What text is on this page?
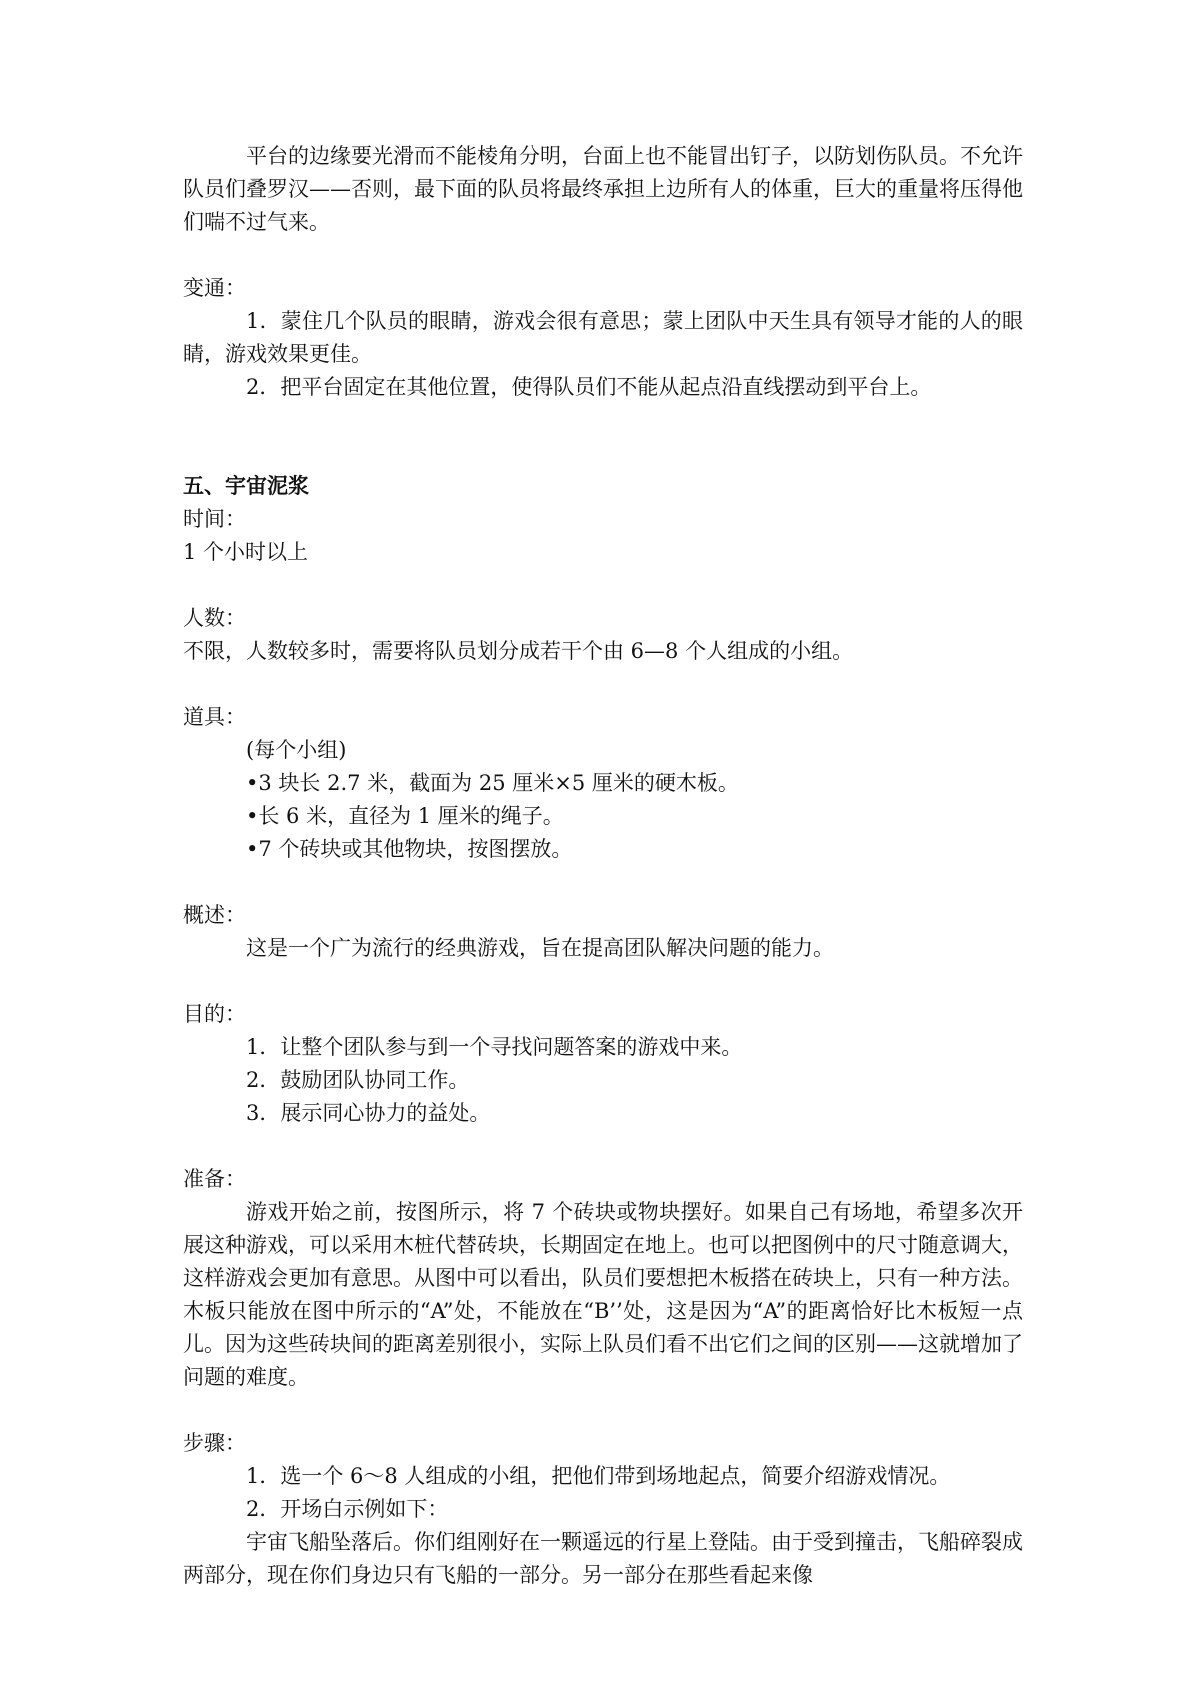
平台的边缘要光滑而不能棱角分明，台面上也不能冒出钉子，以防划伤队员。不允许队员们叠罗汉——否则，最下面的队员将最终承担上边所有人的体重，巨大的重量将压得他们喘不过气来。

变通：

1．蒙住几个队员的眼睛，游戏会很有意思；蒙上团队中天生具有领导才能的人的眼睛，游戏效果更佳。

2．把平台固定在其他位置，使得队员们不能从起点沿直线摆动到平台上。

五、宇宙泥浆

时间：

1 个小时以上

人数：

不限，人数较多时，需要将队员划分成若干个由 6—8 个人组成的小组。

道具：

(每个小组)

•3 块长 2.7 米，截面为 25 厘米×5 厘米的硬木板。

•长 6 米，直径为 1 厘米的绳子。

•7 个砖块或其他物块，按图摆放。

概述：

这是一个广为流行的经典游戏，旨在提高团队解决问题的能力。

目的：

1．让整个团队参与到一个寻找问题答案的游戏中来。

2．鼓励团队协同工作。

3．展示同心协力的益处。

准备：

游戏开始之前，按图所示，将 7 个砖块或物块摆好。如果自己有场地，希望多次开展这种游戏，可以采用木桩代替砖块，长期固定在地上。也可以把图例中的尺寸随意调大，这样游戏会更加有意思。从图中可以看出，队员们要想把木板搭在砖块上，只有一种方法。木板只能放在图中所示的“A”处，不能放在“B’’处，这是因为“A”的距离恰好比木板短一点儿。因为这些砖块间的距离差别很小，实际上队员们看不出它们之间的区别——这就增加了问题的难度。

步骤：

1．选一个 6～8 人组成的小组，把他们带到场地起点，简要介绍游戏情况。

2．开场白示例如下：

宇宙飞船坠落后。你们组刚好在一颗遥远的行星上登陆。由于受到撞击，飞船碎裂成两部分，现在你们身边只有飞船的一部分。另一部分在那些看起来像
